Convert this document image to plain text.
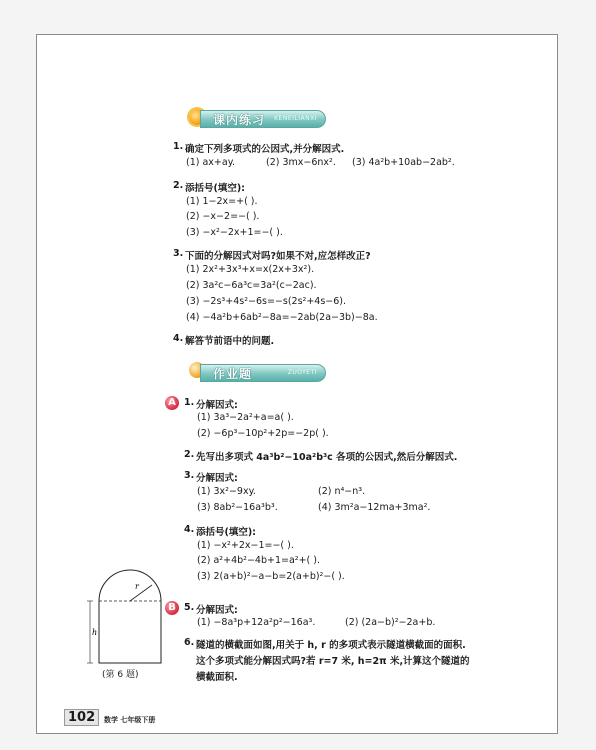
课内练习 KENEILIANXI
1. 确定下列多项式的公因式,并分解因式.
(1) ax+ay.	(2) 3mx−6nx². (3) 4a²b+10ab−2ab².
2. 添括号(填空):
(1) 1−2x=+( ).
(2) −x−2=−( ).
(3) −x²−2x+1=−( ).
3. 下面的分解因式对吗?如果不对,应怎样改正?
(1) 2x²+3x³+x=x(2x+3x²).
(2) 3a²c−6a³c=3a²(c−2ac).
(3) −2s³+4s²−6s=−s(2s²+4s−6).
(4) −4a²b+6ab²−8a=−2ab(2a−3b)−8a.
4. 解答节前语中的问题.
作业题	ZUOYETI
A 1. 分解因式:
(1) 3a³−2a²+a=a( ).
(2) −6p³−10p²+2p=−2p( ).
2. 先写出多项式 4a³b²−10a²b³c 各项的公因式,然后分解因式.
3. 分解因式:
(1) 3x²−9xy.	(2) n⁴−n³.
(3) 8ab²−16a³b³.	(4) 3m²a−12ma+3ma².
4. 添括号(填空):
(1) −x²+2x−1=−( ).
(2) a²+4b²−4b+1=a²+( ).
(3) 2(a+b)²−a−b=2(a+b)²−( ).
B 5. 分解因式:
(1) −8a³p+12a²p²−16a³.	(2) (2a−b)²−2a+b.
6. 隧道的横截面如图,用关于 h, r 的多项式表示隧道横截面的面积.
这个多项式能分解因式吗?若 r=7 米, h=2π 米,计算这个隧道的
横截面积.
r
h
(第 6 题)
102	数学 七年级下册
